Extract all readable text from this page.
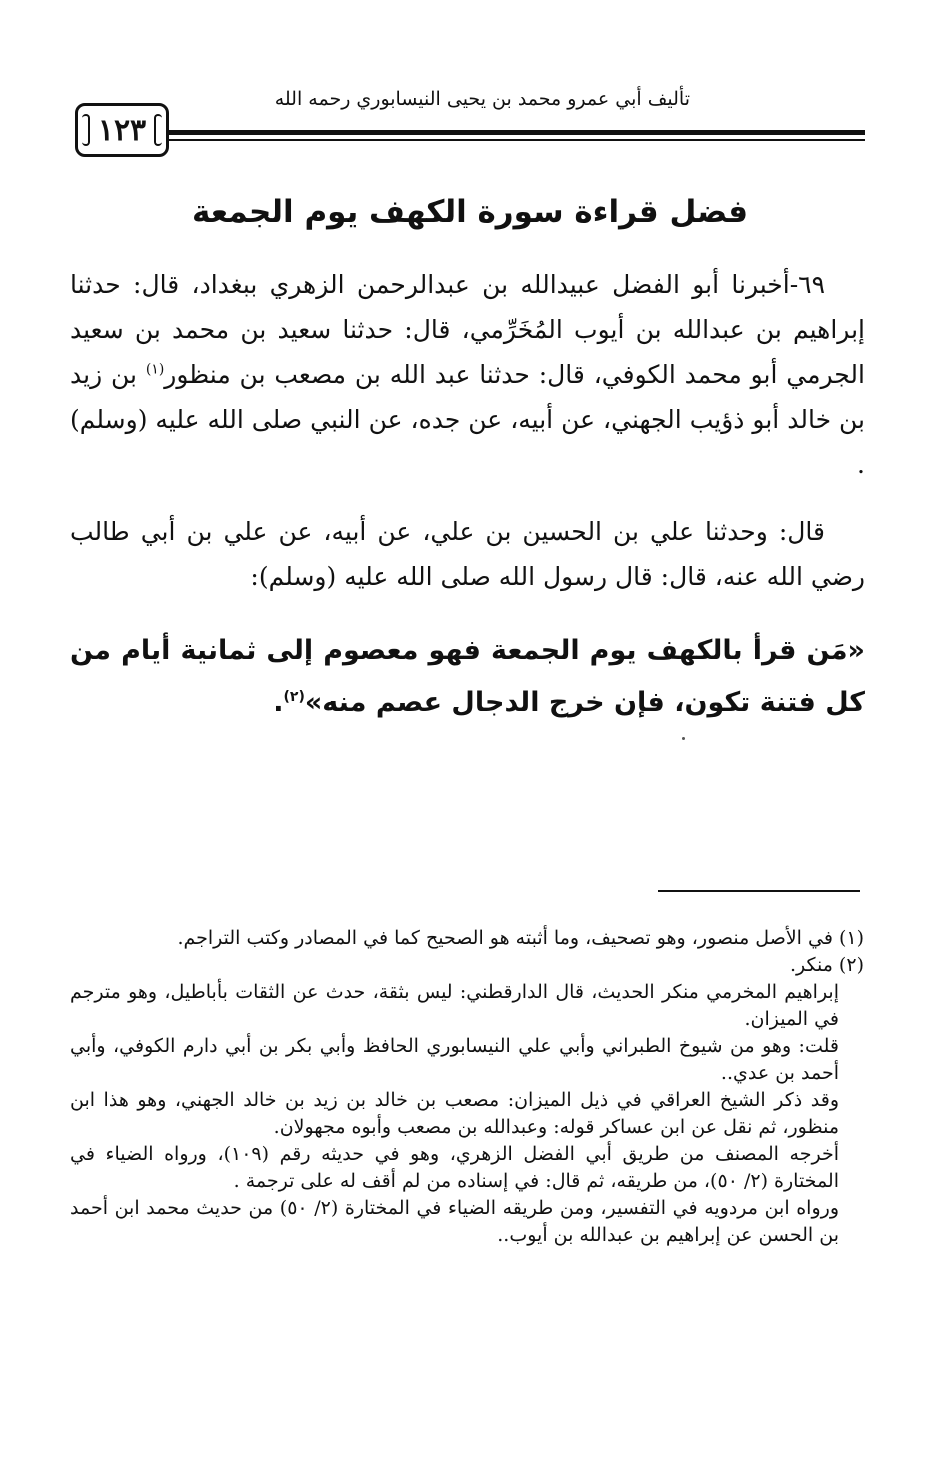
تأليف أبي عمرو محمد بن يحيى النيسابوري رحمه الله
١٢٣
فضل قراءة سورة الكهف يوم الجمعة

٦٩-أخبرنا أبو الفضل عبيدالله بن عبدالرحمن الزهري ببغداد، قال: حدثنا إبراهيم بن عبدالله بن أيوب المُخَرِّمي، قال: حدثنا سعيد بن محمد بن سعيد الجرمي أبو محمد الكوفي، قال: حدثنا عبد الله بن مصعب بن منظور$^{(١)}$ بن زيد بن خالد أبو ذؤيب الجهني، عن أبيه، عن جده، عن النبي صلى الله عليه (وسلم) .

قال: وحدثنا علي بن الحسين بن علي، عن أبيه، عن علي بن أبي طالب رضي الله عنه، قال: قال رسول الله صلى الله عليه (وسلم):

«مَن قرأ بالكهف يوم الجمعة فهو معصوم إلى ثمانية أيام من كل فتنة تكون، فإن خرج الدجال عصم منه»$^{(٢)}$.

(١) في الأصل منصور، وهو تصحيف، وما أثبته هو الصحيح كما في المصادر وكتب التراجم.

(٢) منكر.

إبراهيم المخرمي منكر الحديث، قال الدارقطني: ليس بثقة، حدث عن الثقات بأباطيل، وهو مترجم في الميزان.

قلت: وهو من شيوخ الطبراني وأبي علي النيسابوري الحافظ وأبي بكر بن أبي دارم الكوفي، وأبي أحمد بن عدي..

وقد ذكر الشيخ العراقي في ذيل الميزان: مصعب بن خالد بن زيد بن خالد الجهني، وهو هذا ابن منظور، ثم نقل عن ابن عساكر قوله: وعبدالله بن مصعب وأبوه مجهولان.

أخرجه المصنف من طريق أبي الفضل الزهري، وهو في حديثه رقم (١٠٩)، ورواه الضياء في المختارة (٢/ ٥٠)، من طريقه، ثم قال: في إسناده من لم أقف له على ترجمة .

ورواه ابن مردويه في التفسير، ومن طريقه الضياء في المختارة (٢/ ٥٠) من حديث محمد ابن أحمد بن الحسن عن إبراهيم بن عبدالله بن أيوب..
